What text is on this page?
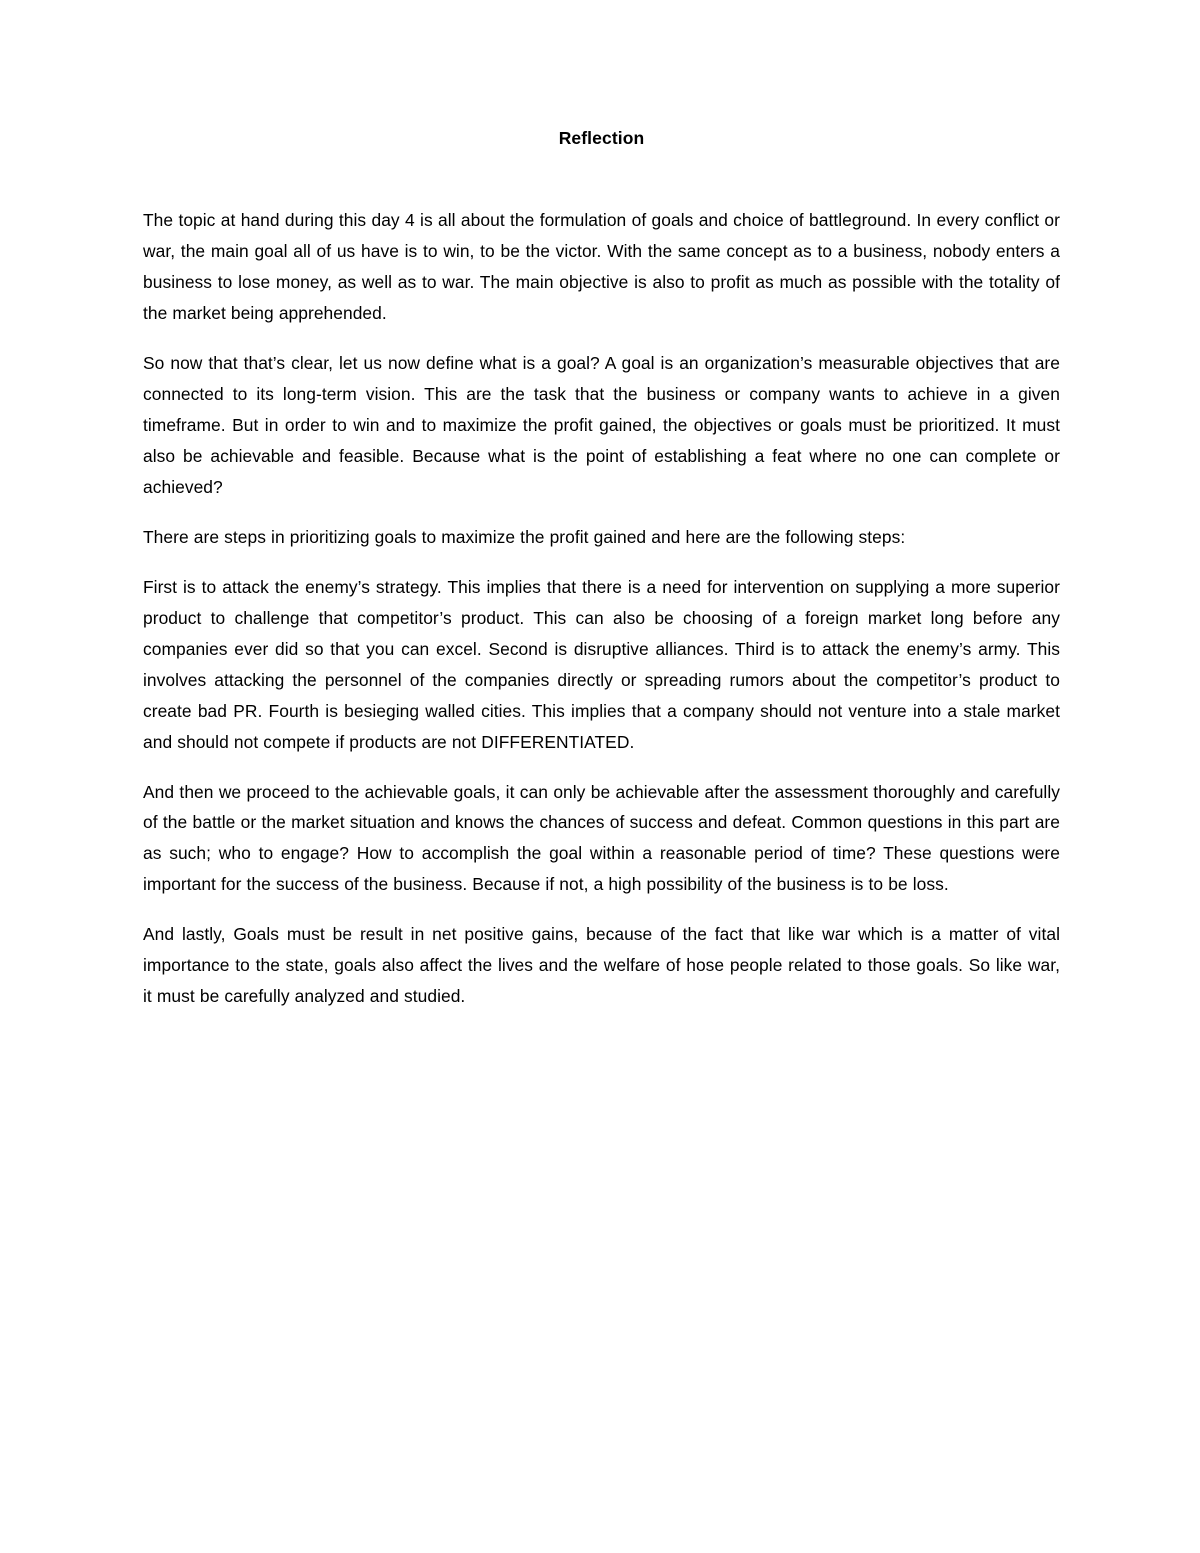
Reflection

The topic at hand during this day 4 is all about the formulation of goals and choice of battleground. In every conflict or war, the main goal all of us have is to win, to be the victor. With the same concept as to a business, nobody enters a business to lose money, as well as to war. The main objective is also to profit as much as possible with the totality of the market being apprehended.

So now that that’s clear, let us now define what is a goal? A goal is an organization’s measurable objectives that are connected to its long-term vision. This are the task that the business or company wants to achieve in a given timeframe. But in order to win and to maximize the profit gained, the objectives or goals must be prioritized. It must also be achievable and feasible. Because what is the point of establishing a feat where no one can complete or achieved?

There are steps in prioritizing goals to maximize the profit gained and here are the following steps:

First is to attack the enemy’s strategy. This implies that there is a need for intervention on supplying a more superior product to challenge that competitor’s product. This can also be choosing of a foreign market long before any companies ever did so that you can excel. Second is disruptive alliances. Third is to attack the enemy’s army. This involves attacking the personnel of the companies directly or spreading rumors about the competitor’s product to create bad PR. Fourth is besieging walled cities. This implies that a company should not venture into a stale market and should not compete if products are not DIFFERENTIATED.

And then we proceed to the achievable goals, it can only be achievable after the assessment thoroughly and carefully of the battle or the market situation and knows the chances of success and defeat. Common questions in this part are as such; who to engage? How to accomplish the goal within a reasonable period of time? These questions were important for the success of the business. Because if not, a high possibility of the business is to be loss.

And lastly, Goals must be result in net positive gains, because of the fact that like war which is a matter of vital importance to the state, goals also affect the lives and the welfare of hose people related to those goals. So like war, it must be carefully analyzed and studied.
